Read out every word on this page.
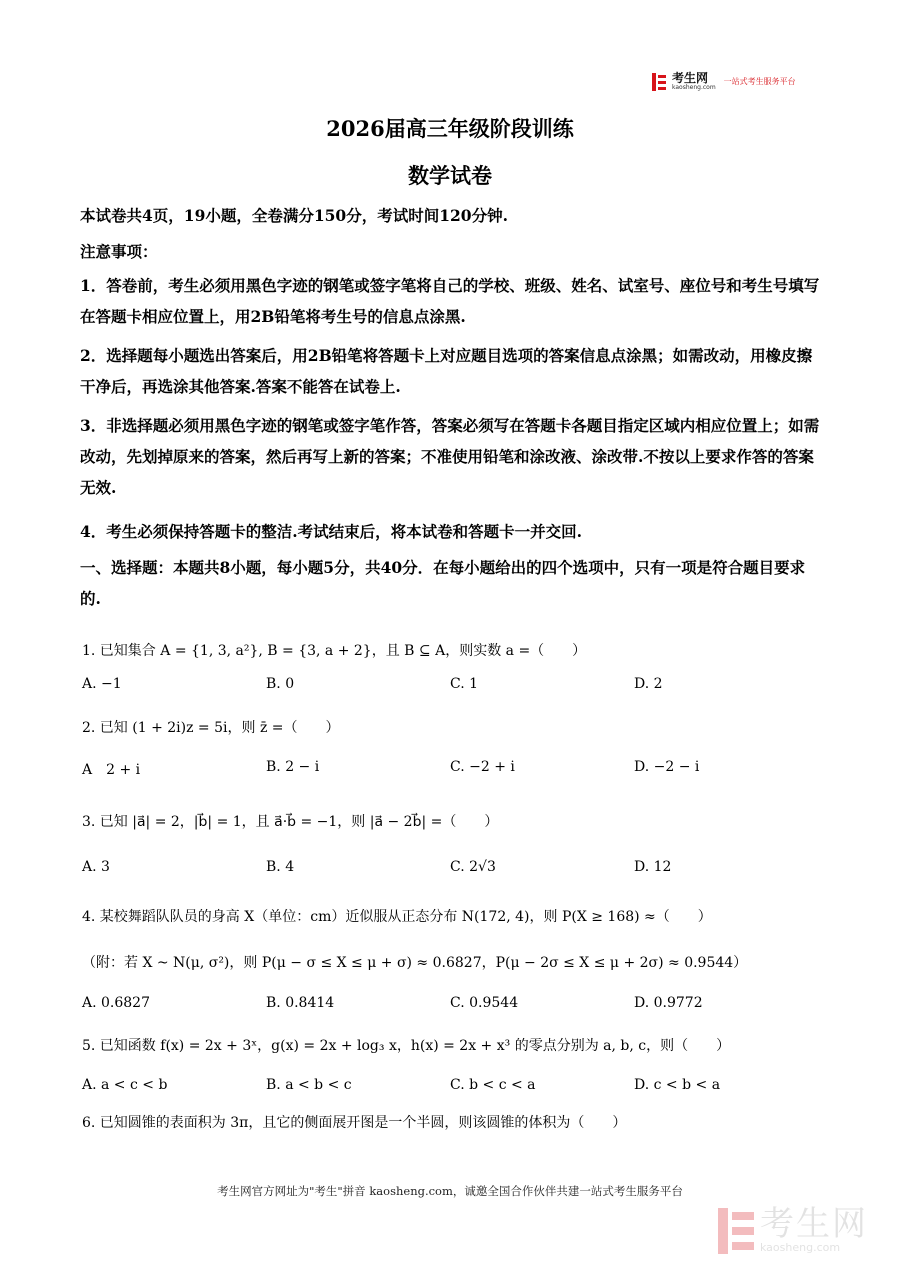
考生网
kaosheng.com
一站式考生服务平台
2026届高三年级阶段训练
数学试卷
本试卷共4页，19小题，全卷满分150分，考试时间120分钟.
注意事项：
1．答卷前，考生必须用黑色字迹的钢笔或签字笔将自己的学校、班级、姓名、试室号、座位号和考生号填写在答题卡相应位置上，用2B铅笔将考生号的信息点涂黑.
2．选择题每小题选出答案后，用2B铅笔将答题卡上对应题目选项的答案信息点涂黑；如需改动，用橡皮擦干净后，再选涂其他答案.答案不能答在试卷上.
3．非选择题必须用黑色字迹的钢笔或签字笔作答，答案必须写在答题卡各题目指定区域内相应位置上；如需改动，先划掉原来的答案，然后再写上新的答案；不准使用铅笔和涂改液、涂改带.不按以上要求作答的答案无效.
4．考生必须保持答题卡的整洁.考试结束后，将本试卷和答题卡一并交回.
一、选择题：本题共8小题，每小题5分，共40分．在每小题给出的四个选项中，只有一项是符合题目要求的.
1. 已知集合 A = {1, 3, a²}, B = {3, a + 2}，且 B ⊆ A，则实数 a =（　　）
A. −1	B. 0	C. 1	D. 2
2. 已知 (1 + 2i)z = 5i，则 z̄ =（　　）
A　2 + i	B. 2 − i	C. −2 + i	D. −2 − i
3. 已知 |a⃗| = 2，|b⃗| = 1，且 a⃗·b⃗ = −1，则 |a⃗ − 2b⃗| =（　　）
A. 3	B. 4	C. 2√3	D. 12
4. 某校舞蹈队队员的身高 X（单位：cm）近似服从正态分布 N(172, 4)，则 P(X ≥ 168) ≈（　　）
（附：若 X ~ N(μ, σ²)，则 P(μ − σ ≤ X ≤ μ + σ) ≈ 0.6827，P(μ − 2σ ≤ X ≤ μ + 2σ) ≈ 0.9544）
A. 0.6827	B. 0.8414	C. 0.9544	D. 0.9772
5. 已知函数 f(x) = 2x + 3ˣ，g(x) = 2x + log₃ x，h(x) = 2x + x³ 的零点分别为 a, b, c，则（　　）
A. a < c < b	B. a < b < c	C. b < c < a	D. c < b < a
6. 已知圆锥的表面积为 3π，且它的侧面展开图是一个半圆，则该圆锥的体积为（　　）
考生网官方网址为"考生"拼音 kaosheng.com，诚邀全国合作伙伴共建一站式考生服务平台
考生网
kaosheng.com
